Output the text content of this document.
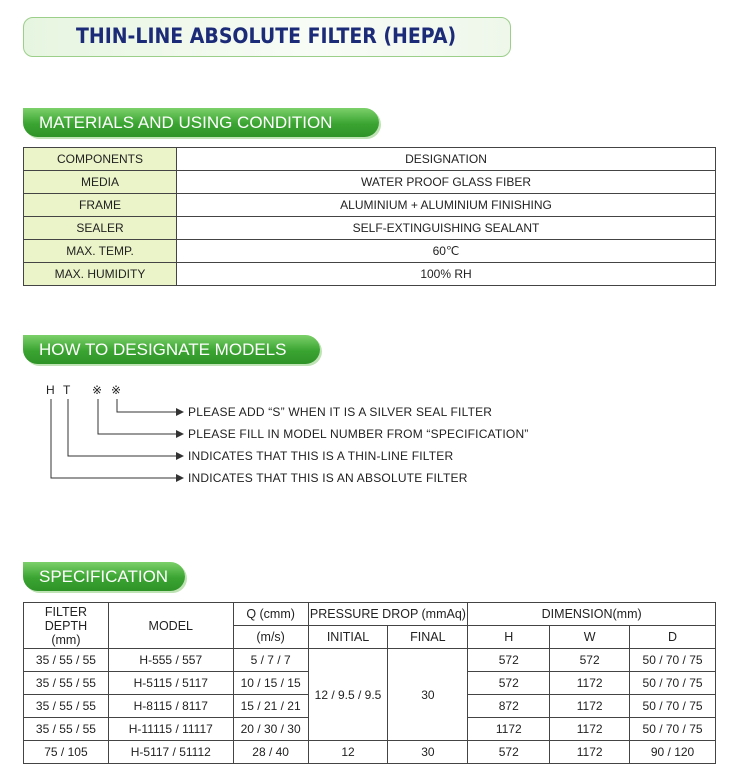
THIN-LINE ABSOLUTE FILTER (HEPA)
MATERIALS AND USING CONDITION
COMPONENTS	DESIGNATION
MEDIA	WATER PROOF GLASS FIBER
FRAME	ALUMINIUM + ALUMINIUM FINISHING
SEALER	SELF-EXTINGUISHING SEALANT
MAX. TEMP.	60℃
MAX. HUMIDITY	100% RH
HOW TO DESIGNATE MODELS
H T ※ ※
PLEASE ADD “S” WHEN IT IS A SILVER SEAL FILTER
PLEASE FILL IN MODEL NUMBER FROM “SPECIFICATION”
INDICATES THAT THIS IS A THIN-LINE FILTER
INDICATES THAT THIS IS AN ABSOLUTE FILTER
SPECIFICATION
FILTER
DEPTH
(mm)	MODEL	Q (cmm)	PRESSURE DROP (mmAq)		DIMENSION(mm)		
		(m/s)	INITIAL	FINAL	H	W	D
35 / 55 / 55	H-555 / 557	5 / 7 / 7	12 / 9.5 / 9.5	30	572	572	50 / 70 / 75
35 / 55 / 55	H-5115 / 5117	10 / 15 / 15			572	1172	50 / 70 / 75
35 / 55 / 55	H-8115 / 8117	15 / 21 / 21			872	1172	50 / 70 / 75
35 / 55 / 55	H-11115 / 11117	20 / 30 / 30			1172	1172	50 / 70 / 75
75 / 105	H-5117 / 51112	28 / 40	12	30	572	1172	90 / 120
